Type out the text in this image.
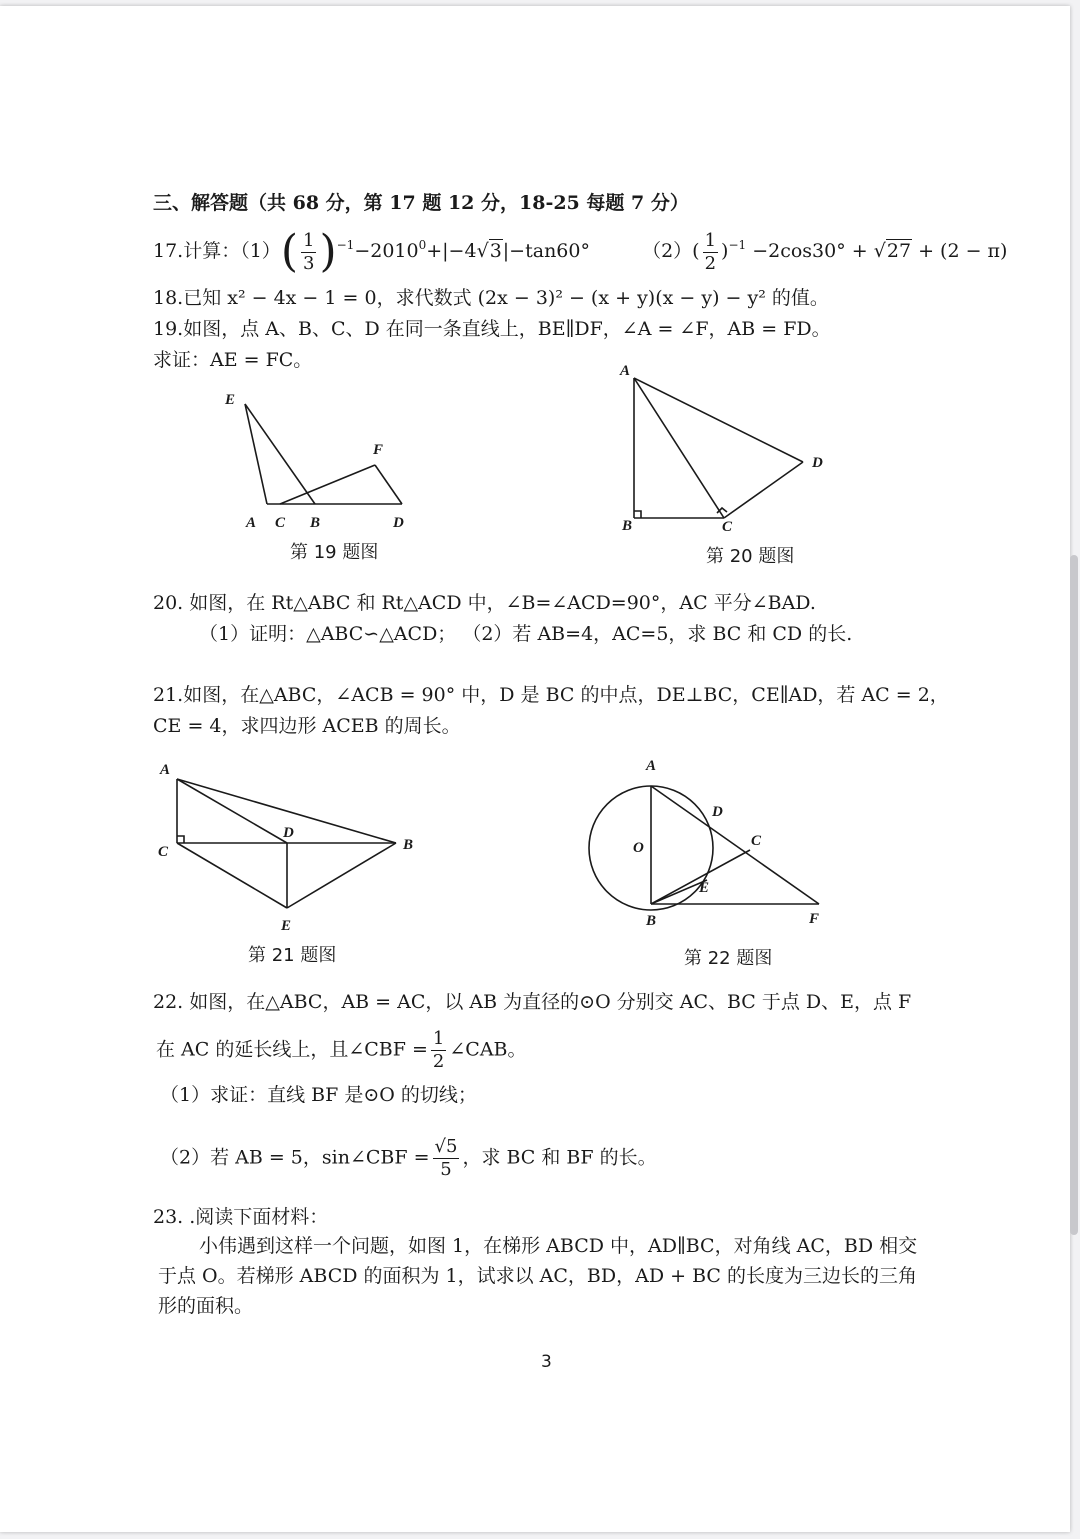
三、解答题（共 68 分，第 17 题 12 分，18-25 每题 7 分）
17.计算：$(1)( \frac{1}{3} )^{-1}-2010^0+|-4√3|-\tan 60^\circ$	$(2)( \frac{1}{2} )^{-1} -2\cos 30^\circ + √27 + (2 - \pi)$
18.已知 x² − 4x − 1 = 0，求代数式 (2x − 3)² − (x + y)(x − y) − y² 的值。
19.如图，点 A、B、C、D 在同一条直线上，BE∥DF，∠A = ∠F，AB = FD。
求证：AE = FC。
E
F
A C B	D
第 19 题图
A
D
B	C
第 20 题图
20. 如图，在 Rt△ABC 和 Rt△ACD 中，∠B=∠ACD=90°，AC 平分∠BAD.
（1）证明：△ABC∽△ACD； （2）若 AB=4，AC=5，求 BC 和 CD 的长.
21.如图，在△ABC，∠ACB = 90° 中，D 是 BC 的中点，DE⊥BC，CE∥AD，若 AC = 2，
CE = 4，求四边形 ACEB 的周长。
A
C
D
B
E
第 21 题图
A
D
O	C
E
B	F
第 22 题图
22. 如图，在△ABC，AB = AC，以 AB 为直径的⊙O 分别交 AC、BC 于点 D、E，点 F
在 AC 的延长线上，且∠CBF = $\frac{1}{2}$ ∠CAB。
（1）求证：直线 BF 是⊙O 的切线；
（2）若 AB = 5，sin∠CBF = $\frac{√5}{5}$ ，求 BC 和 BF 的长。
23. .阅读下面材料：
小伟遇到这样一个问题，如图 1，在梯形 ABCD 中，AD∥BC，对角线 AC，BD 相交
于点 O。若梯形 ABCD 的面积为 1，试求以 AC，BD，AD + BC 的长度为三边长的三角
形的面积。
3
